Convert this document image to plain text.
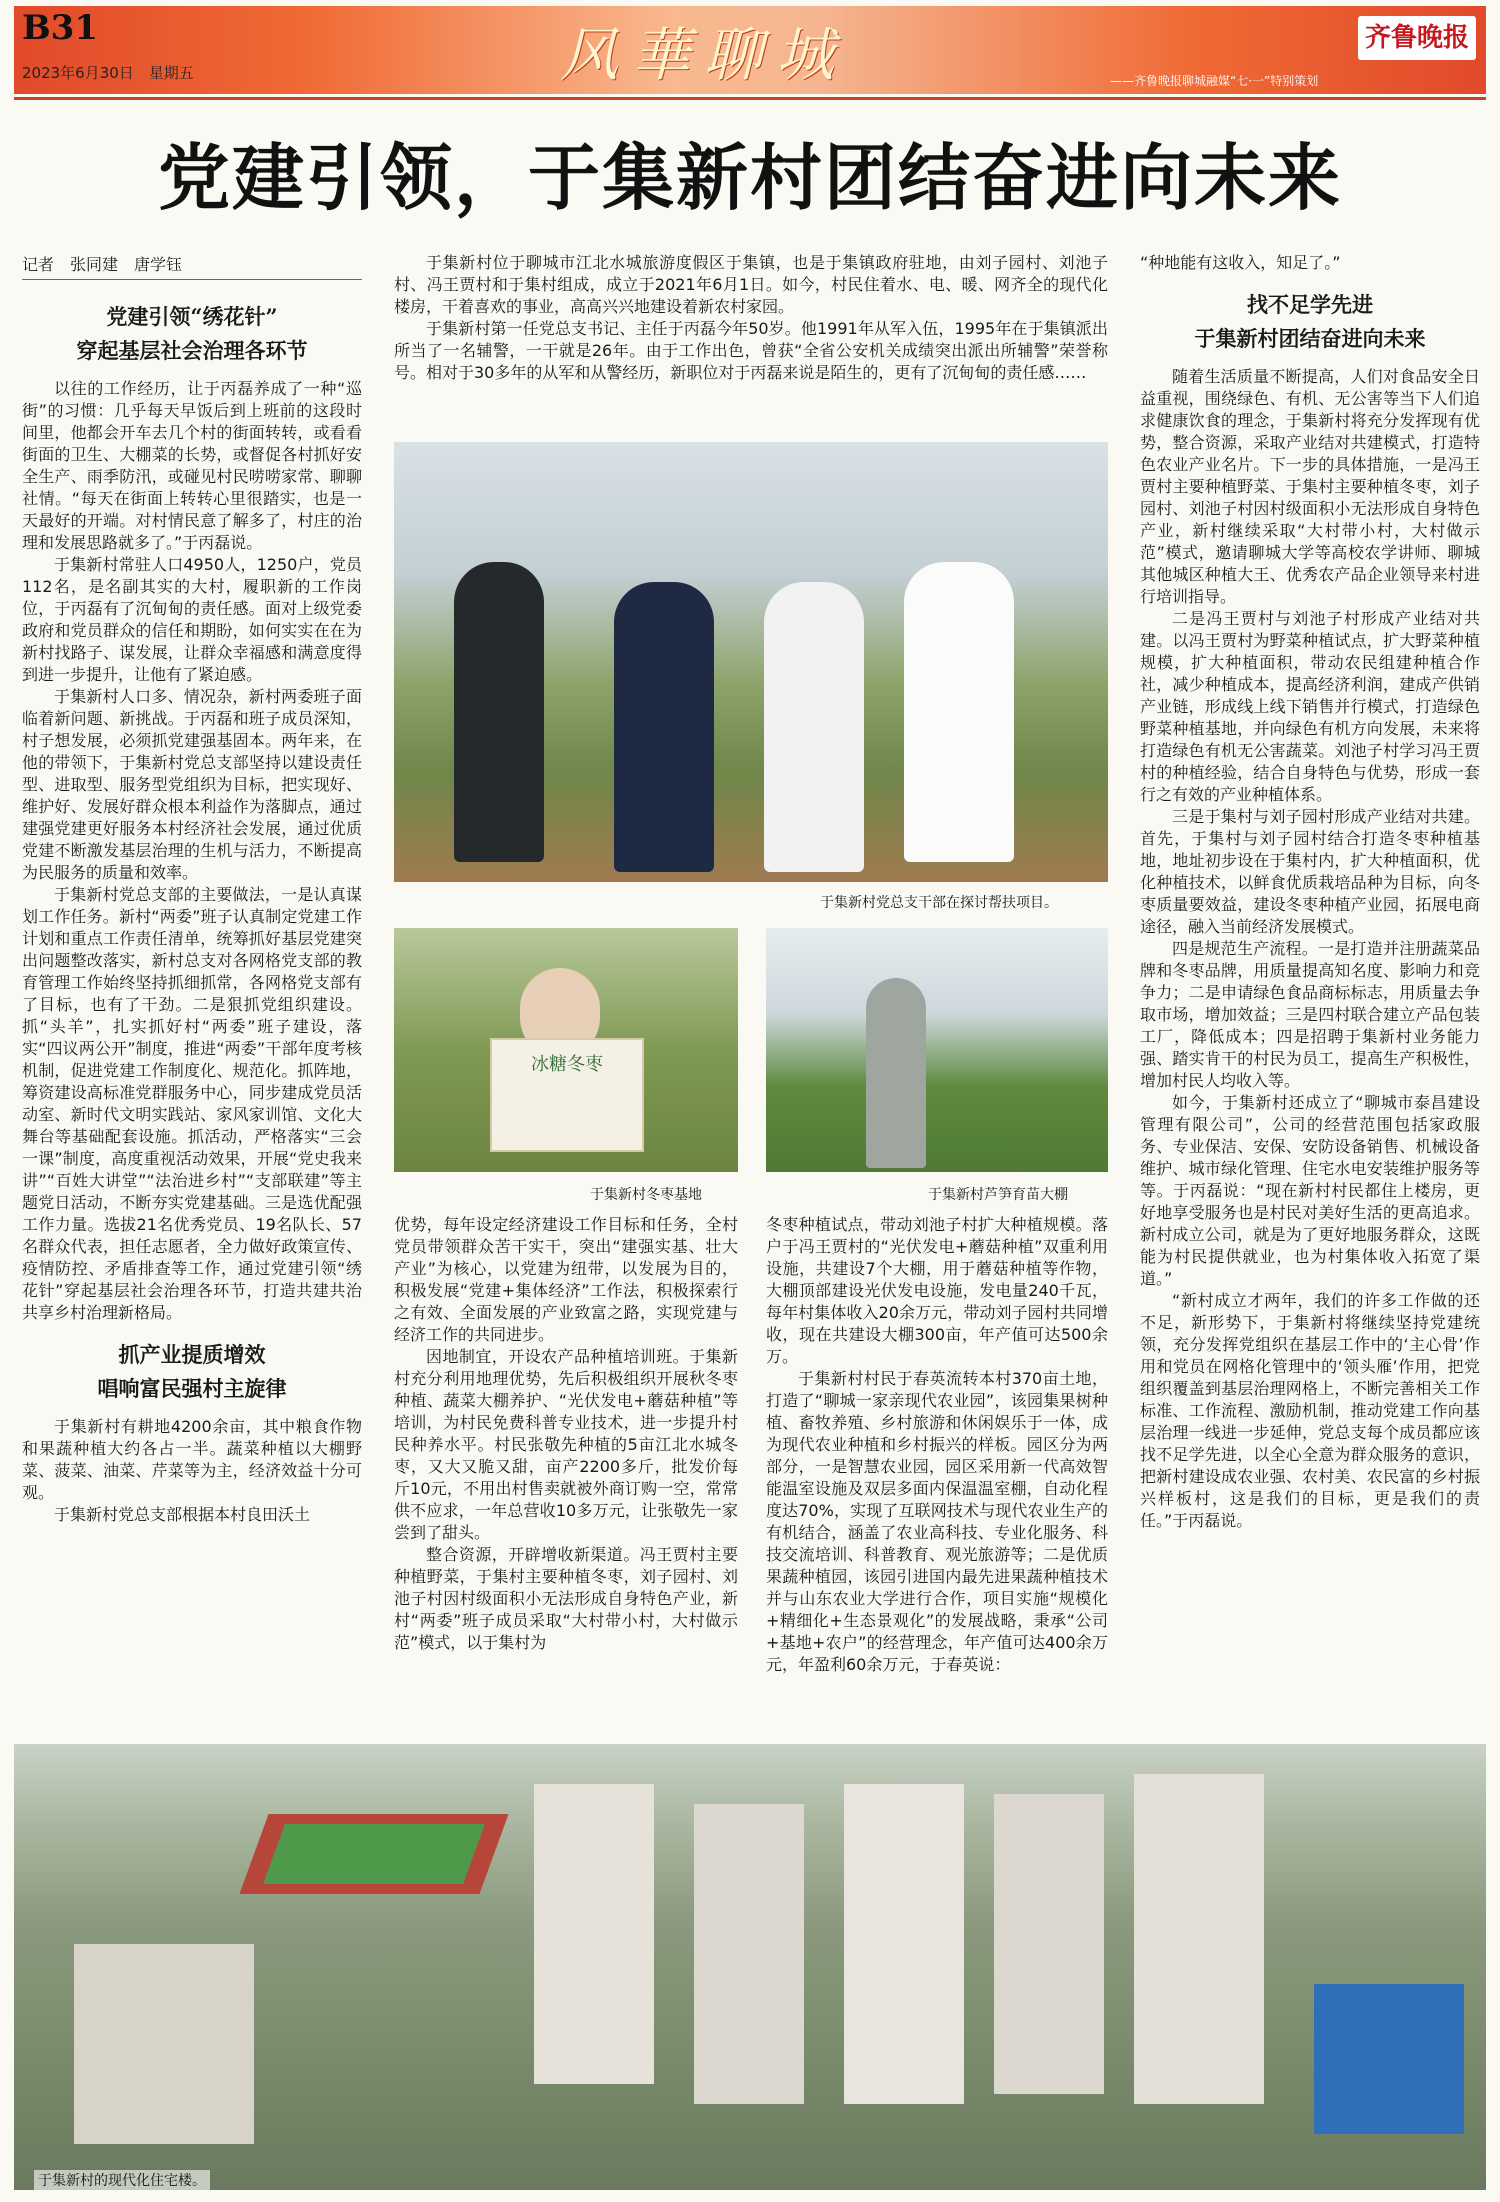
B31
2023年6月30日　星期五	风華聊城	齐鲁晚报
——齐鲁晚报聊城融媒“七·一”特别策划
党建引领，于集新村团结奋进向未来
记者　张同建　唐学钰
党建引领“绣花针”
穿起基层社会治理各环节

以往的工作经历，让于丙磊养成了一种“巡街”的习惯：几乎每天早饭后到上班前的这段时间里，他都会开车去几个村的街面转转，或看看街面的卫生、大棚菜的长势，或督促各村抓好安全生产、雨季防汛，或碰见村民唠唠家常、聊聊社情。“每天在街面上转转心里很踏实，也是一天最好的开端。对村情民意了解多了，村庄的治理和发展思路就多了。”于丙磊说。

于集新村常驻人口4950人，1250户，党员112名，是名副其实的大村，履职新的工作岗位，于丙磊有了沉甸甸的责任感。面对上级党委政府和党员群众的信任和期盼，如何实实在在为新村找路子、谋发展，让群众幸福感和满意度得到进一步提升，让他有了紧迫感。

于集新村人口多、情况杂，新村两委班子面临着新问题、新挑战。于丙磊和班子成员深知，村子想发展，必须抓党建强基固本。两年来，在他的带领下，于集新村党总支部坚持以建设责任型、进取型、服务型党组织为目标，把实现好、维护好、发展好群众根本利益作为落脚点，通过建强党建更好服务本村经济社会发展，通过优质党建不断激发基层治理的生机与活力，不断提高为民服务的质量和效率。

于集新村党总支部的主要做法，一是认真谋划工作任务。新村“两委”班子认真制定党建工作计划和重点工作责任清单，统筹抓好基层党建突出问题整改落实，新村总支对各网格党支部的教育管理工作始终坚持抓细抓常，各网格党支部有了目标，也有了干劲。二是狠抓党组织建设。抓“头羊”，扎实抓好村“两委”班子建设，落实“四议两公开”制度，推进“两委”干部年度考核机制，促进党建工作制度化、规范化。抓阵地，筹资建设高标准党群服务中心，同步建成党员活动室、新时代文明实践站、家风家训馆、文化大舞台等基础配套设施。抓活动，严格落实“三会一课”制度，高度重视活动效果，开展“党史我来讲”“百姓大讲堂”“法治进乡村”“支部联建”等主题党日活动，不断夯实党建基础。三是选优配强工作力量。选拔21名优秀党员、19名队长、57名群众代表，担任志愿者，全力做好政策宣传、疫情防控、矛盾排查等工作，通过党建引领“绣花针”穿起基层社会治理各环节，打造共建共治共享乡村治理新格局。

抓产业提质增效
唱响富民强村主旋律

于集新村有耕地4200余亩，其中粮食作物和果蔬种植大约各占一半。蔬菜种植以大棚野菜、菠菜、油菜、芹菜等为主，经济效益十分可观。

于集新村党总支部根据本村良田沃土

于集新村位于聊城市江北水城旅游度假区于集镇，也是于集镇政府驻地，由刘子园村、刘池子村、冯王贾村和于集村组成，成立于2021年6月1日。如今，村民住着水、电、暖、网齐全的现代化楼房，干着喜欢的事业，高高兴兴地建设着新农村家园。

于集新村第一任党总支书记、主任于丙磊今年50岁。他1991年从军入伍，1995年在于集镇派出所当了一名辅警，一干就是26年。由于工作出色，曾获“全省公安机关成绩突出派出所辅警”荣誉称号。相对于30多年的从军和从警经历，新职位对于丙磊来说是陌生的，更有了沉甸甸的责任感……

于集新村党总支干部在探讨帮扶项目。
冰糖冬枣
于集新村冬枣基地	于集新村芦笋育苗大棚

优势，每年设定经济建设工作目标和任务，全村党员带领群众苦干实干，突出“建强实基、壮大产业”为核心，以党建为纽带，以发展为目的，积极发展“党建+集体经济”工作法，积极探索行之有效、全面发展的产业致富之路，实现党建与经济工作的共同进步。

因地制宜，开设农产品种植培训班。于集新村充分利用地理优势，先后积极组织开展秋冬枣种植、蔬菜大棚养护、“光伏发电+蘑菇种植”等培训，为村民免费科普专业技术，进一步提升村民种养水平。村民张敬先种植的5亩江北水城冬枣，又大又脆又甜，亩产2200多斤，批发价每斤10元，不用出村售卖就被外商订购一空，常常供不应求，一年总营收10多万元，让张敬先一家尝到了甜头。

整合资源，开辟增收新渠道。冯王贾村主要种植野菜，于集村主要种植冬枣，刘子园村、刘池子村因村级面积小无法形成自身特色产业，新村“两委”班子成员采取“大村带小村，大村做示范”模式，以于集村为

冬枣种植试点，带动刘池子村扩大种植规模。落户于冯王贾村的“光伏发电+蘑菇种植”双重利用设施，共建设7个大棚，用于蘑菇种植等作物，大棚顶部建设光伏发电设施，发电量240千瓦，每年村集体收入20余万元，带动刘子园村共同增收，现在共建设大棚300亩，年产值可达500余万。

于集新村村民于春英流转本村370亩土地，打造了“聊城一家亲现代农业园”，该园集果树种植、畜牧养殖、乡村旅游和休闲娱乐于一体，成为现代农业种植和乡村振兴的样板。园区分为两部分，一是智慧农业园，园区采用新一代高效智能温室设施及双层多面内保温温室棚，自动化程度达70%，实现了互联网技术与现代农业生产的有机结合，涵盖了农业高科技、专业化服务、科技交流培训、科普教育、观光旅游等；二是优质果蔬种植园，该园引进国内最先进果蔬种植技术并与山东农业大学进行合作，项目实施“规模化+精细化+生态景观化”的发展战略，秉承“公司+基地+农户”的经营理念，年产值可达400余万元，年盈利60余万元，于春英说：

“种地能有这收入，知足了。”
找不足学先进
于集新村团结奋进向未来

随着生活质量不断提高，人们对食品安全日益重视，围绕绿色、有机、无公害等当下人们追求健康饮食的理念，于集新村将充分发挥现有优势，整合资源，采取产业结对共建模式，打造特色农业产业名片。下一步的具体措施，一是冯王贾村主要种植野菜、于集村主要种植冬枣，刘子园村、刘池子村因村级面积小无法形成自身特色产业，新村继续采取“大村带小村，大村做示范”模式，邀请聊城大学等高校农学讲师、聊城其他城区种植大王、优秀农产品企业领导来村进行培训指导。

二是冯王贾村与刘池子村形成产业结对共建。以冯王贾村为野菜种植试点，扩大野菜种植规模，扩大种植面积，带动农民组建种植合作社，减少种植成本，提高经济利润，建成产供销产业链，形成线上线下销售并行模式，打造绿色野菜种植基地，并向绿色有机方向发展，未来将打造绿色有机无公害蔬菜。刘池子村学习冯王贾村的种植经验，结合自身特色与优势，形成一套行之有效的产业种植体系。

三是于集村与刘子园村形成产业结对共建。首先，于集村与刘子园村结合打造冬枣种植基地，地址初步设在于集村内，扩大种植面积，优化种植技术，以鲜食优质栽培品种为目标，向冬枣质量要效益，建设冬枣种植产业园，拓展电商途径，融入当前经济发展模式。

四是规范生产流程。一是打造并注册蔬菜品牌和冬枣品牌，用质量提高知名度、影响力和竞争力；二是申请绿色食品商标标志，用质量去争取市场，增加效益；三是四村联合建立产品包装工厂，降低成本；四是招聘于集新村业务能力强、踏实肯干的村民为员工，提高生产积极性，增加村民人均收入等。

如今，于集新村还成立了“聊城市泰昌建设管理有限公司”，公司的经营范围包括家政服务、专业保洁、安保、安防设备销售、机械设备维护、城市绿化管理、住宅水电安装维护服务等等。于丙磊说：“现在新村村民都住上楼房，更好地享受服务也是村民对美好生活的更高追求。新村成立公司，就是为了更好地服务群众，这既能为村民提供就业，也为村集体收入拓宽了渠道。”

“新村成立才两年，我们的许多工作做的还不足，新形势下，于集新村将继续坚持党建统领，充分发挥党组织在基层工作中的‘主心骨’作用和党员在网格化管理中的‘领头雁’作用，把党组织覆盖到基层治理网格上，不断完善相关工作标准、工作流程、激励机制，推动党建工作向基层治理一线进一步延伸，党总支每个成员都应该找不足学先进，以全心全意为群众服务的意识，把新村建设成农业强、农村美、农民富的乡村振兴样板村，这是我们的目标，更是我们的责任。”于丙磊说。

于集新村的现代化住宅楼。
